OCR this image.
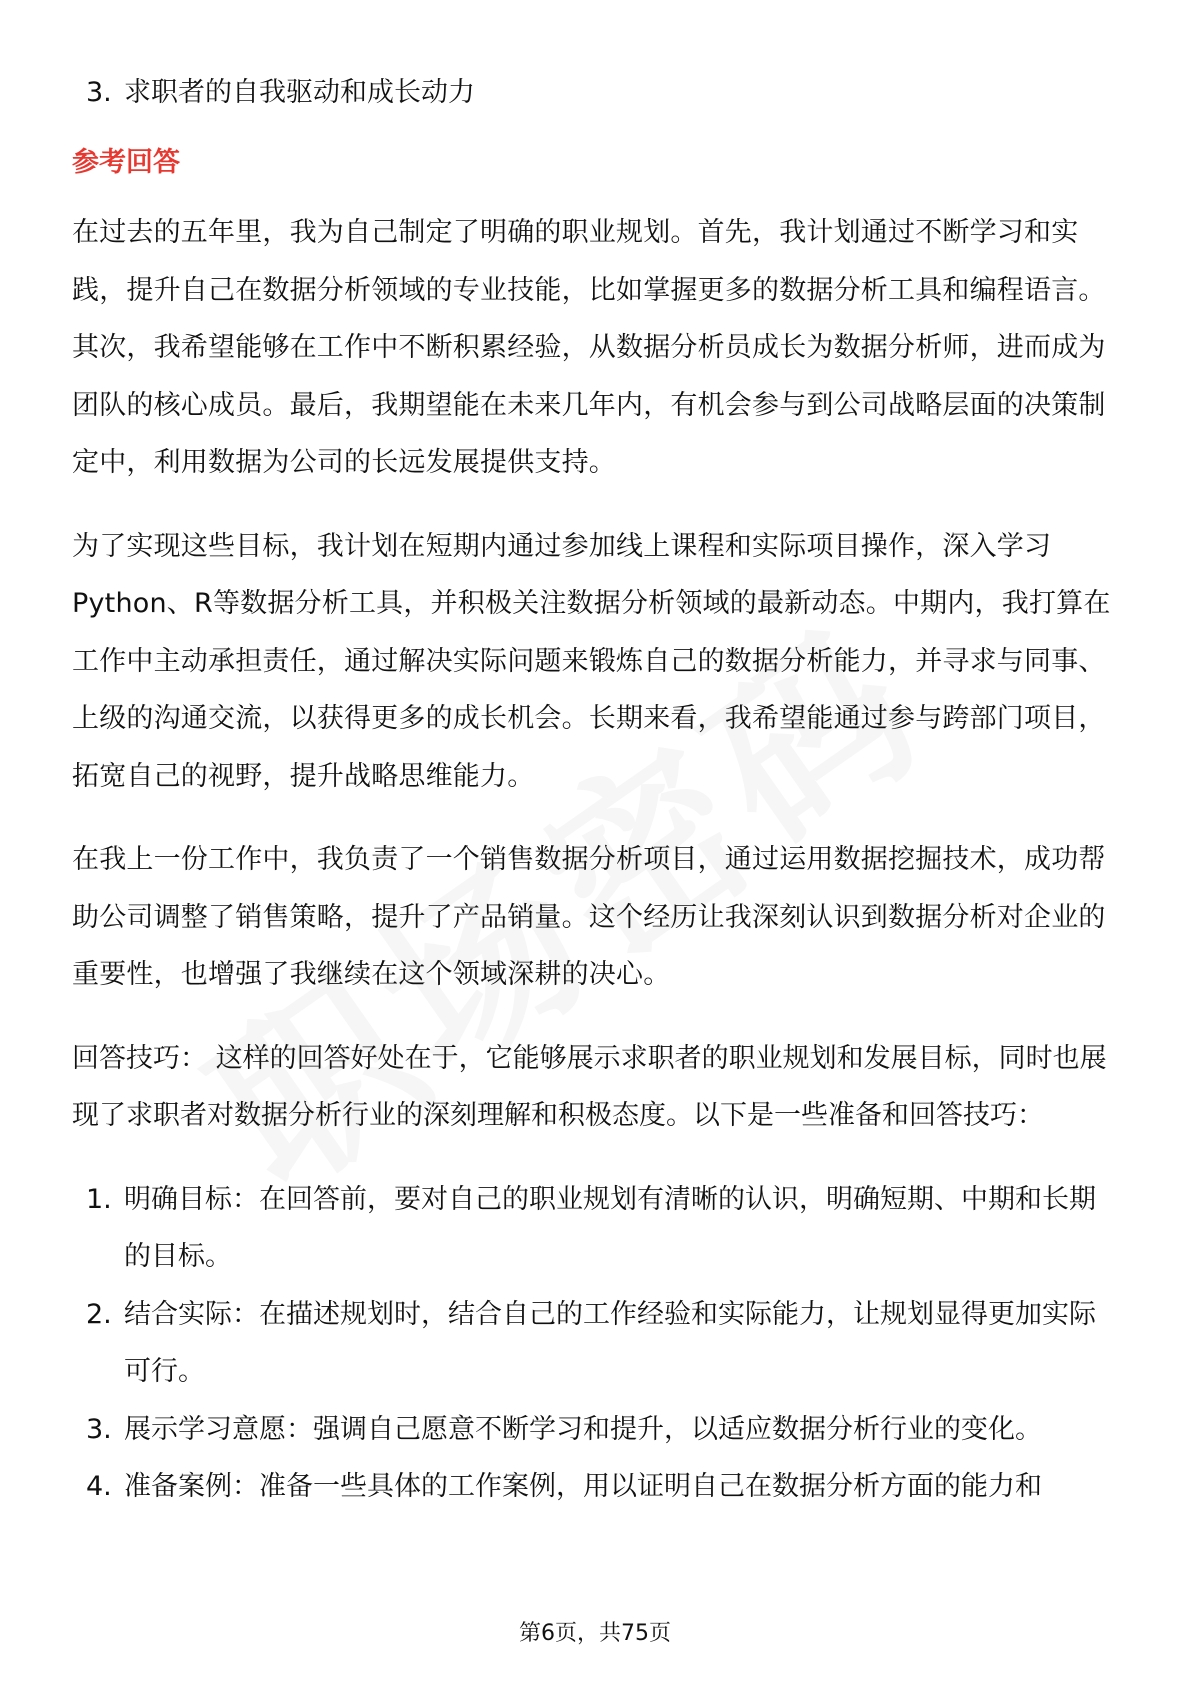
3. 求职者的自我驱动和成长动力
参考回答
在过去的五年里，我为自己制定了明确的职业规划。首先，我计划通过不断学习和实践，提升自己在数据分析领域的专业技能，比如掌握更多的数据分析工具和编程语言。其次，我希望能够在工作中不断积累经验，从数据分析员成长为数据分析师，进而成为团队的核心成员。最后，我期望能在未来几年内，有机会参与到公司战略层面的决策制定中，利用数据为公司的长远发展提供支持。
为了实现这些目标，我计划在短期内通过参加线上课程和实际项目操作，深入学习Python、R等数据分析工具，并积极关注数据分析领域的最新动态。中期内，我打算在工作中主动承担责任，通过解决实际问题来锻炼自己的数据分析能力，并寻求与同事、上级的沟通交流，以获得更多的成长机会。长期来看，我希望能通过参与跨部门项目，拓宽自己的视野，提升战略思维能力。
在我上一份工作中，我负责了一个销售数据分析项目，通过运用数据挖掘技术，成功帮助公司调整了销售策略，提升了产品销量。这个经历让我深刻认识到数据分析对企业的重要性，也增强了我继续在这个领域深耕的决心。
回答技巧： 这样的回答好处在于，它能够展示求职者的职业规划和发展目标，同时也展现了求职者对数据分析行业的深刻理解和积极态度。以下是一些准备和回答技巧：
1. 明确目标：在回答前，要对自己的职业规划有清晰的认识，明确短期、中期和长期的目标。
2. 结合实际：在描述规划时，结合自己的工作经验和实际能力，让规划显得更加实际可行。
3. 展示学习意愿：强调自己愿意不断学习和提升，以适应数据分析行业的变化。
4. 准备案例：准备一些具体的工作案例，用以证明自己在数据分析方面的能力和
第6页，共75页
